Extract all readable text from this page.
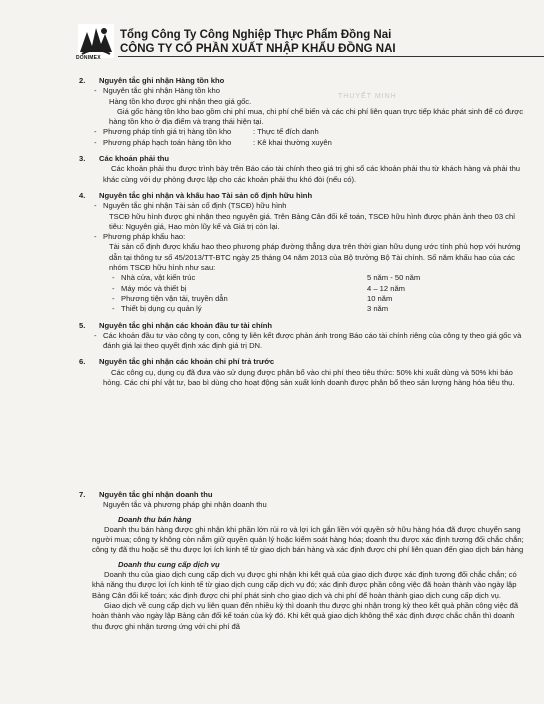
DONIMEX
Tổng Công Ty Công Nghiệp Thực Phẩm Đồng Nai
CÔNG TY CỔ PHẦN XUẤT NHẬP KHẨU ĐỒNG NAI
THUYẾT MINH
2. Nguyên tắc ghi nhận Hàng tồn kho
- Nguyên tắc ghi nhận Hàng tồn kho
Hàng tồn kho được ghi nhận theo giá gốc.
Giá gốc hàng tồn kho bao gồm chi phí mua, chi phí chế biến và các chi phí liên quan trực tiếp khác phát sinh để có được hàng tồn kho ở địa điểm và trạng thái hiện tại.
- Phương pháp tính giá trị hàng tồn kho	: Thực tế đích danh
- Phương pháp hạch toán hàng tồn kho	: Kê khai thường xuyên
3. Các khoản phải thu
Các khoản phải thu được trình bày trên Báo cáo tài chính theo giá trị ghi sổ các khoản phải thu từ khách hàng và phải thu khác cùng với dự phòng được lập cho các khoản phải thu khó đòi (nếu có).
4. Nguyên tắc ghi nhận và khấu hao Tài sản cố định hữu hình
- Nguyên tắc ghi nhận Tài sản cố định (TSCĐ) hữu hình
TSCĐ hữu hình được ghi nhận theo nguyên giá. Trên Bảng Cân đối kế toán, TSCĐ hữu hình được phản ảnh theo 03 chỉ tiêu: Nguyên giá, Hao mòn lũy kế và Giá trị còn lại.
- Phương pháp khấu hao:
Tài sản cố định được khấu hao theo phương pháp đường thẳng dựa trên thời gian hữu dụng ước tính phù hợp với hướng dẫn tại thông tư số 45/2013/TT-BTC ngày 25 tháng 04 năm 2013 của Bộ trưởng Bộ Tài chính. Số năm khấu hao của các nhóm TSCĐ hữu hình như sau:
- Nhà cửa, vật kiến trúc	5 năm - 50 năm
- Máy móc và thiết bị	4 – 12 năm
- Phương tiện vận tải, truyền dẫn	10 năm
- Thiết bị dụng cụ quản lý	3 năm
5. Nguyên tắc ghi nhận các khoản đầu tư tài chính
- Các khoản đầu tư vào công ty con, công ty liên kết được phản ánh trong Báo cáo tài chính riêng của công ty theo giá gốc và đánh giá lại theo quyết định xác định giá trị DN.
6. Nguyên tắc ghi nhận các khoản chi phí trả trước
Các công cụ, dụng cụ đã đưa vào sử dụng được phân bổ vào chi phí theo tiêu thức: 50% khi xuất dùng và 50% khi báo hỏng. Các chi phí vật tư, bao bì dùng cho hoạt động sản xuất kinh doanh được phân bổ theo sản lượng hàng hóa tiêu thụ.
7. Nguyên tắc ghi nhận doanh thu
Nguyên tắc và phương pháp ghi nhận doanh thu
Doanh thu bán hàng
Doanh thu bán hàng được ghi nhận khi phần lớn rủi ro và lợi ích gắn liền với quyền sở hữu hàng hóa đã được chuyển sang người mua; công ty không còn nắm giữ quyền quản lý hoặc kiểm soát hàng hóa; doanh thu được xác định tương đối chắc chắn; công ty đã thu hoặc sẽ thu được lợi ích kinh tế từ giao dịch bán hàng và xác định được chi phí liên quan đến giao dịch bán hàng
Doanh thu cung cấp dịch vụ
Doanh thu của giao dịch cung cấp dịch vụ được ghi nhận khi kết quả của giao dịch được xác định tương đối chắc chắn; có khả năng thu được lợi ích kinh tế từ giao dịch cung cấp dịch vụ đó; xác định được phần công việc đã hoàn thành vào ngày lập Bảng Cân đối kế toán; xác định được chi phí phát sinh cho giao dịch và chi phí để hoàn thành giao dịch cung cấp dịch vụ.
Giao dịch về cung cấp dịch vụ liên quan đến nhiều kỳ thì doanh thu được ghi nhận trong kỳ theo kết quả phần công việc đã hoàn thành vào ngày lập Bảng cân đối kế toán của kỳ đó. Khi kết quả giao dịch không thể xác định được chắc chắn thì doanh thu được ghi nhận tương ứng với chi phí đã
